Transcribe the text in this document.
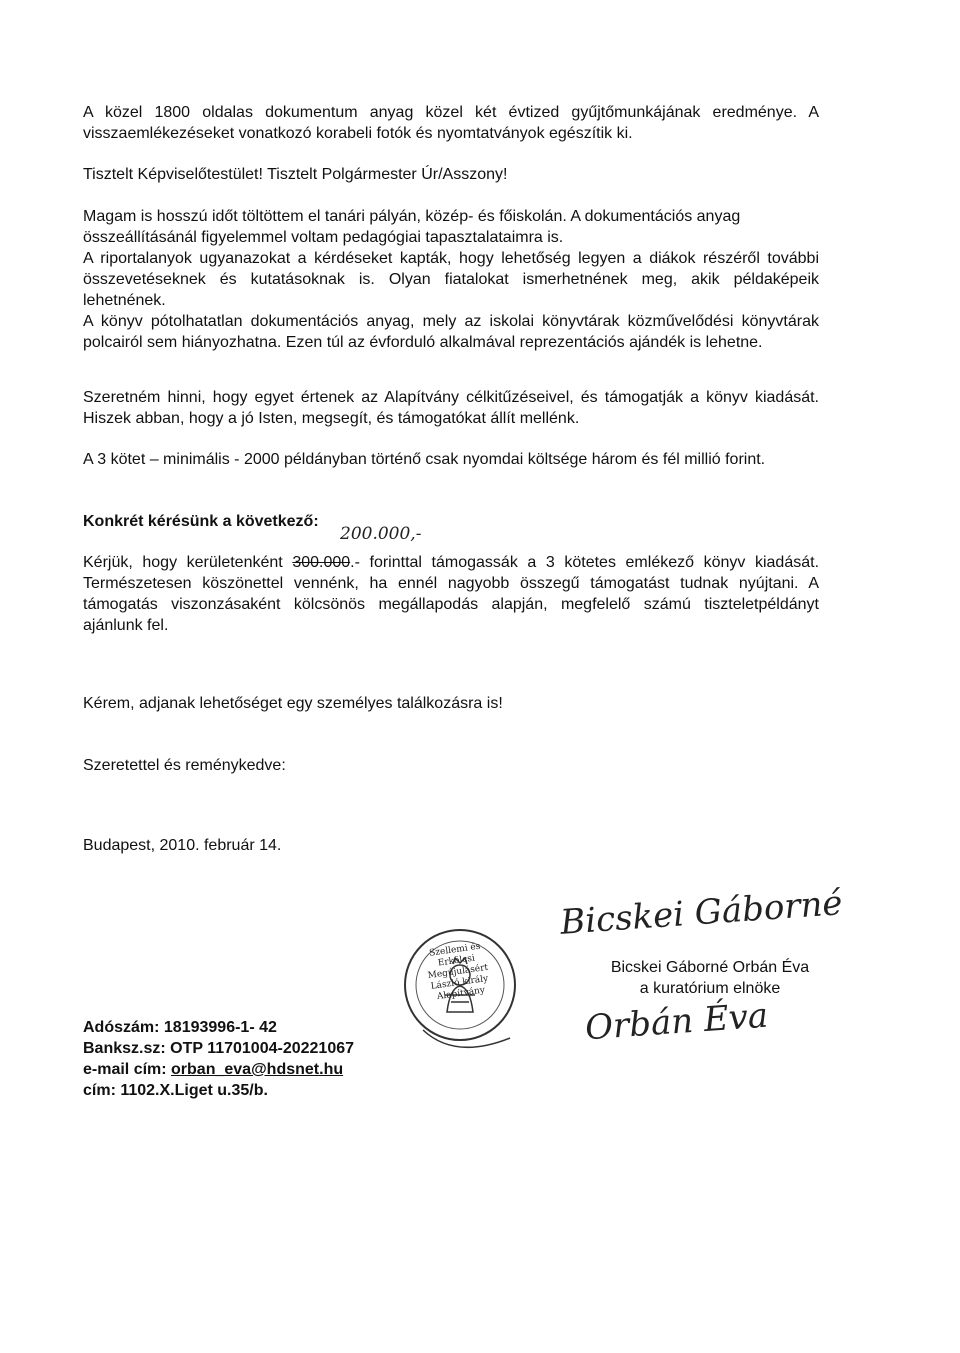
A közel 1800 oldalas dokumentum anyag közel két évtized gyűjtőmunkájának eredménye. A visszaemlékezéseket vonatkozó korabeli fotók és nyomtatványok egészítik ki.

Tisztelt Képviselőtestület! Tisztelt Polgármester Úr/Asszony!

Magam is hosszú időt töltöttem el tanári pályán, közép- és főiskolán. A dokumentációs anyag összeállításánál figyelemmel voltam pedagógiai tapasztalataimra is.

A riportalanyok ugyanazokat a kérdéseket kapták, hogy lehetőség legyen a diákok részéről további összevetéseknek és kutatásoknak is. Olyan fiatalokat ismerhetnének meg, akik példaképeik lehetnének.

A könyv pótolhatatlan dokumentációs anyag, mely az iskolai könyvtárak közművelődési könyvtárak polcairól sem hiányozhatna. Ezen túl az évforduló alkalmával reprezentációs ajándék is lehetne.

Szeretném hinni, hogy egyet értenek az Alapítvány célkitűzéseivel, és támogatják a könyv kiadását. Hiszek abban, hogy a jó Isten, megsegít, és támogatókat állít mellénk.

A 3 kötet – minimális - 2000 példányban történő csak nyomdai költsége három és fél millió forint.

Konkrét kérésünk a következő:

200.000,-

Kérjük, hogy kerületenként 300.000.- forinttal támogassák a 3 kötetes emlékező könyv kiadását. Természetesen köszönettel vennénk, ha ennél nagyobb összegű támogatást tudnak nyújtani. A támogatás viszonzásaként kölcsönös megállapodás alapján, megfelelő számú tiszteletpéldányt ajánlunk fel.

Kérem, adjanak lehetőséget egy személyes találkozásra is!

Szeretettel és reménykedve:

Budapest, 2010. február 14.

Szellemi és Erkölcsi Megújulásért László király Alapítvány
Bicskei Gáborné
Bicskei Gáborné Orbán Éva
a kuratórium elnöke
Orbán Éva
Adószám: 18193996-1- 42
Banksz.sz: OTP 11701004-20221067
e-mail cím: orban_eva@hdsnet.hu
cím: 1102.X.Liget u.35/b.
